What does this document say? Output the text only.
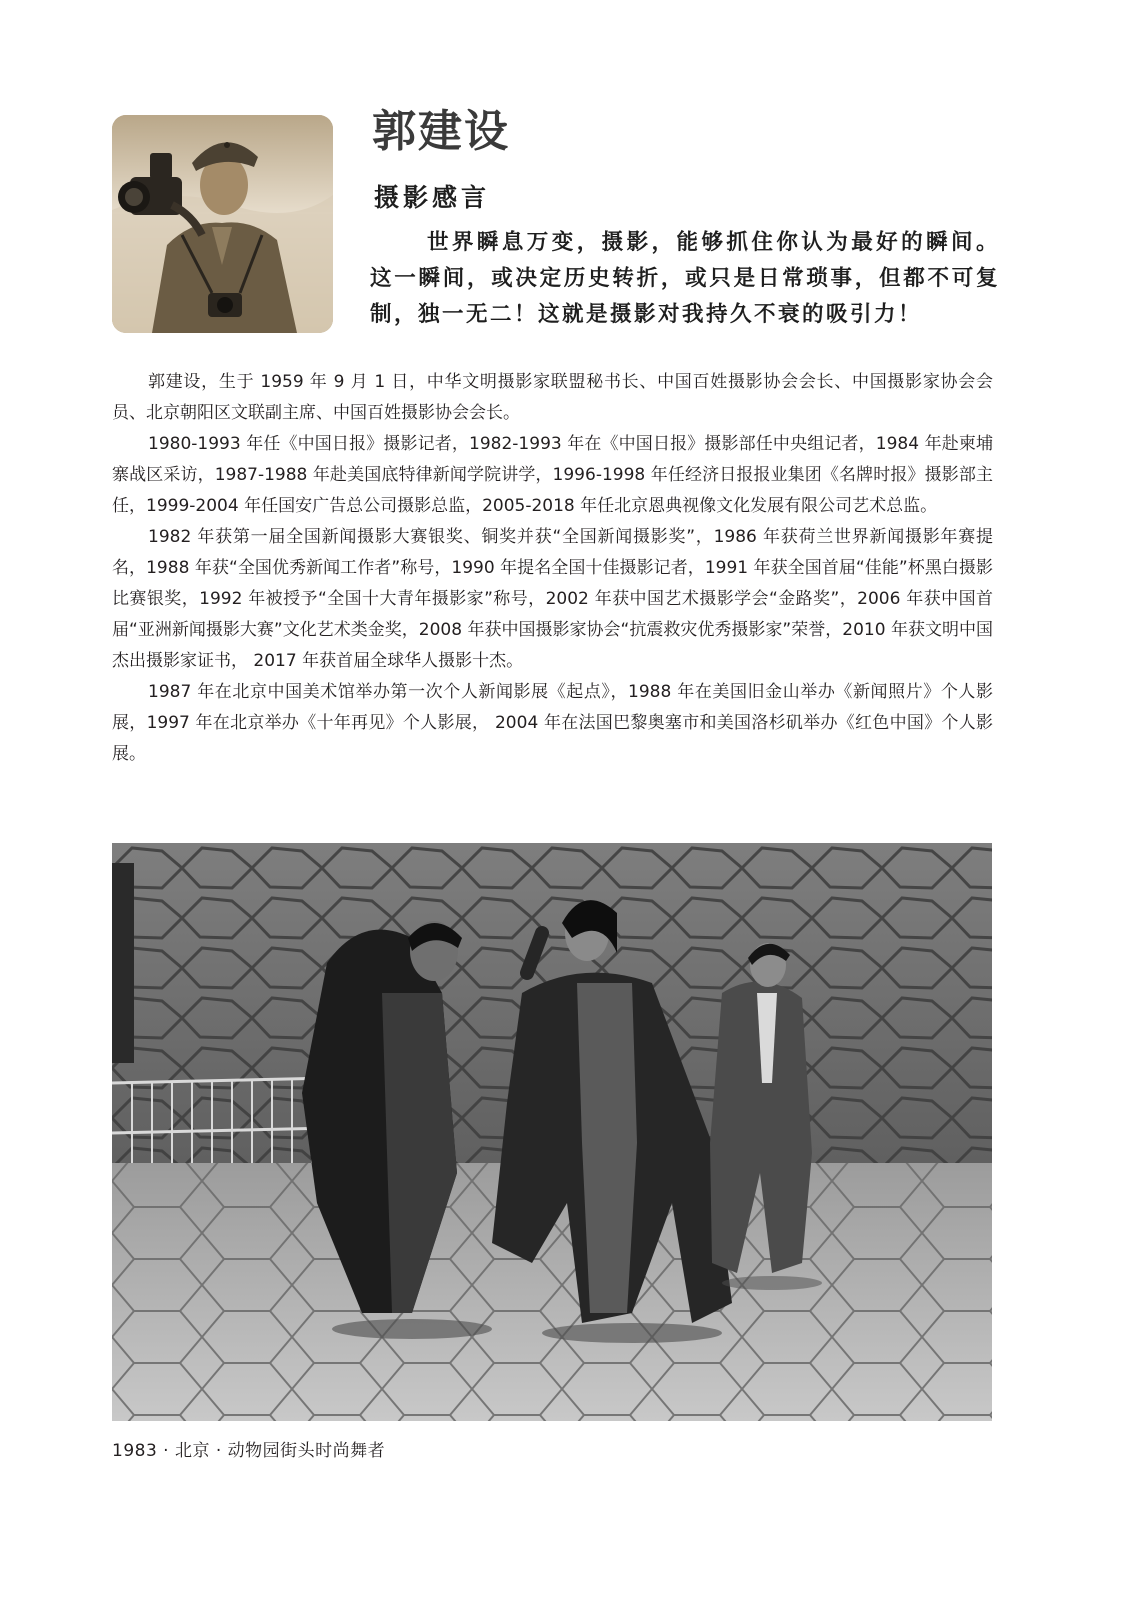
郭建设
摄影感言

世界瞬息万变，摄影，能够抓住你认为最好的瞬间。这一瞬间，或决定历史转折，或只是日常琐事，但都不可复制，独一无二！这就是摄影对我持久不衰的吸引力！

郭建设，生于 1959 年 9 月 1 日，中华文明摄影家联盟秘书长、中国百姓摄影协会会长、中国摄影家协会会员、北京朝阳区文联副主席、中国百姓摄影协会会长。

1980-1993 年任《中国日报》摄影记者，1982-1993 年在《中国日报》摄影部任中央组记者，1984 年赴柬埔寨战区采访，1987-1988 年赴美国底特律新闻学院讲学，1996-1998 年任经济日报报业集团《名牌时报》摄影部主任，1999-2004 年任国安广告总公司摄影总监，2005-2018 年任北京恩典视像文化发展有限公司艺术总监。

1982 年获第一届全国新闻摄影大赛银奖、铜奖并获“全国新闻摄影奖”，1986 年获荷兰世界新闻摄影年赛提名，1988 年获“全国优秀新闻工作者”称号，1990 年提名全国十佳摄影记者，1991 年获全国首届“佳能”杯黑白摄影比赛银奖，1992 年被授予“全国十大青年摄影家”称号，2002 年获中国艺术摄影学会“金路奖”，2006 年获中国首届“亚洲新闻摄影大赛”文化艺术类金奖，2008 年获中国摄影家协会“抗震救灾优秀摄影家”荣誉，2010 年获文明中国杰出摄影家证书， 2017 年获首届全球华人摄影十杰。

1987 年在北京中国美术馆举办第一次个人新闻影展《起点》，1988 年在美国旧金山举办《新闻照片》个人影展，1997 年在北京举办《十年再见》个人影展， 2004 年在法国巴黎奥塞市和美国洛杉矶举办《红色中国》个人影展。

1983 · 北京 · 动物园街头时尚舞者
